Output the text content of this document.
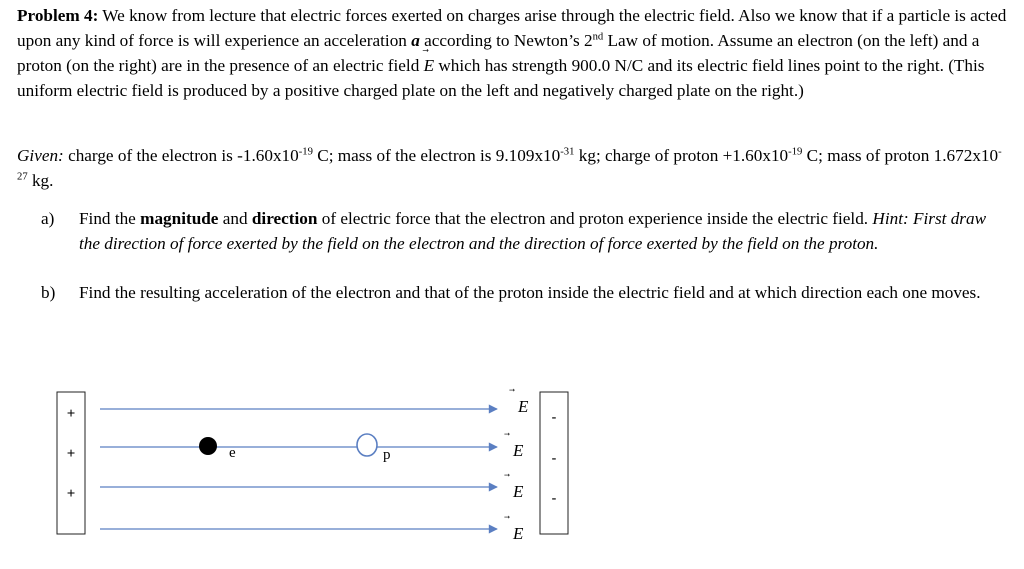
Problem 4: We know from lecture that electric forces exerted on charges arise through the electric field. Also we know that if a particle is acted upon any kind of force is will experience an acceleration a according to Newton’s 2nd Law of motion. Assume an electron (on the left) and a proton (on the right) are in the presence of an electric field E
which has strength 900.0 N/C and its electric field lines point to the right. (This uniform electric field is produced by a positive charged plate on the left and negatively charged plate on the right.)
Given: charge of the electron is $-1.60x10^{-19}$ C; mass of the electron is $9.109x10^{-31}$ kg; charge of proton $+1.60x10^{-19}$ C; mass of proton $1.672x10^{-27}$ kg.
a)	Find the magnitude and direction of electric force that the electron and proton experience inside the electric field. Hint: First draw the direction of force exerted by the field on the electron and the direction of force exerted by the field on the proton.
b)	Find the resulting acceleration of the electron and that of the proton inside the electric field and at which direction each one moves.
+
+
+
-
-
-
E
E
E
E
e	p
